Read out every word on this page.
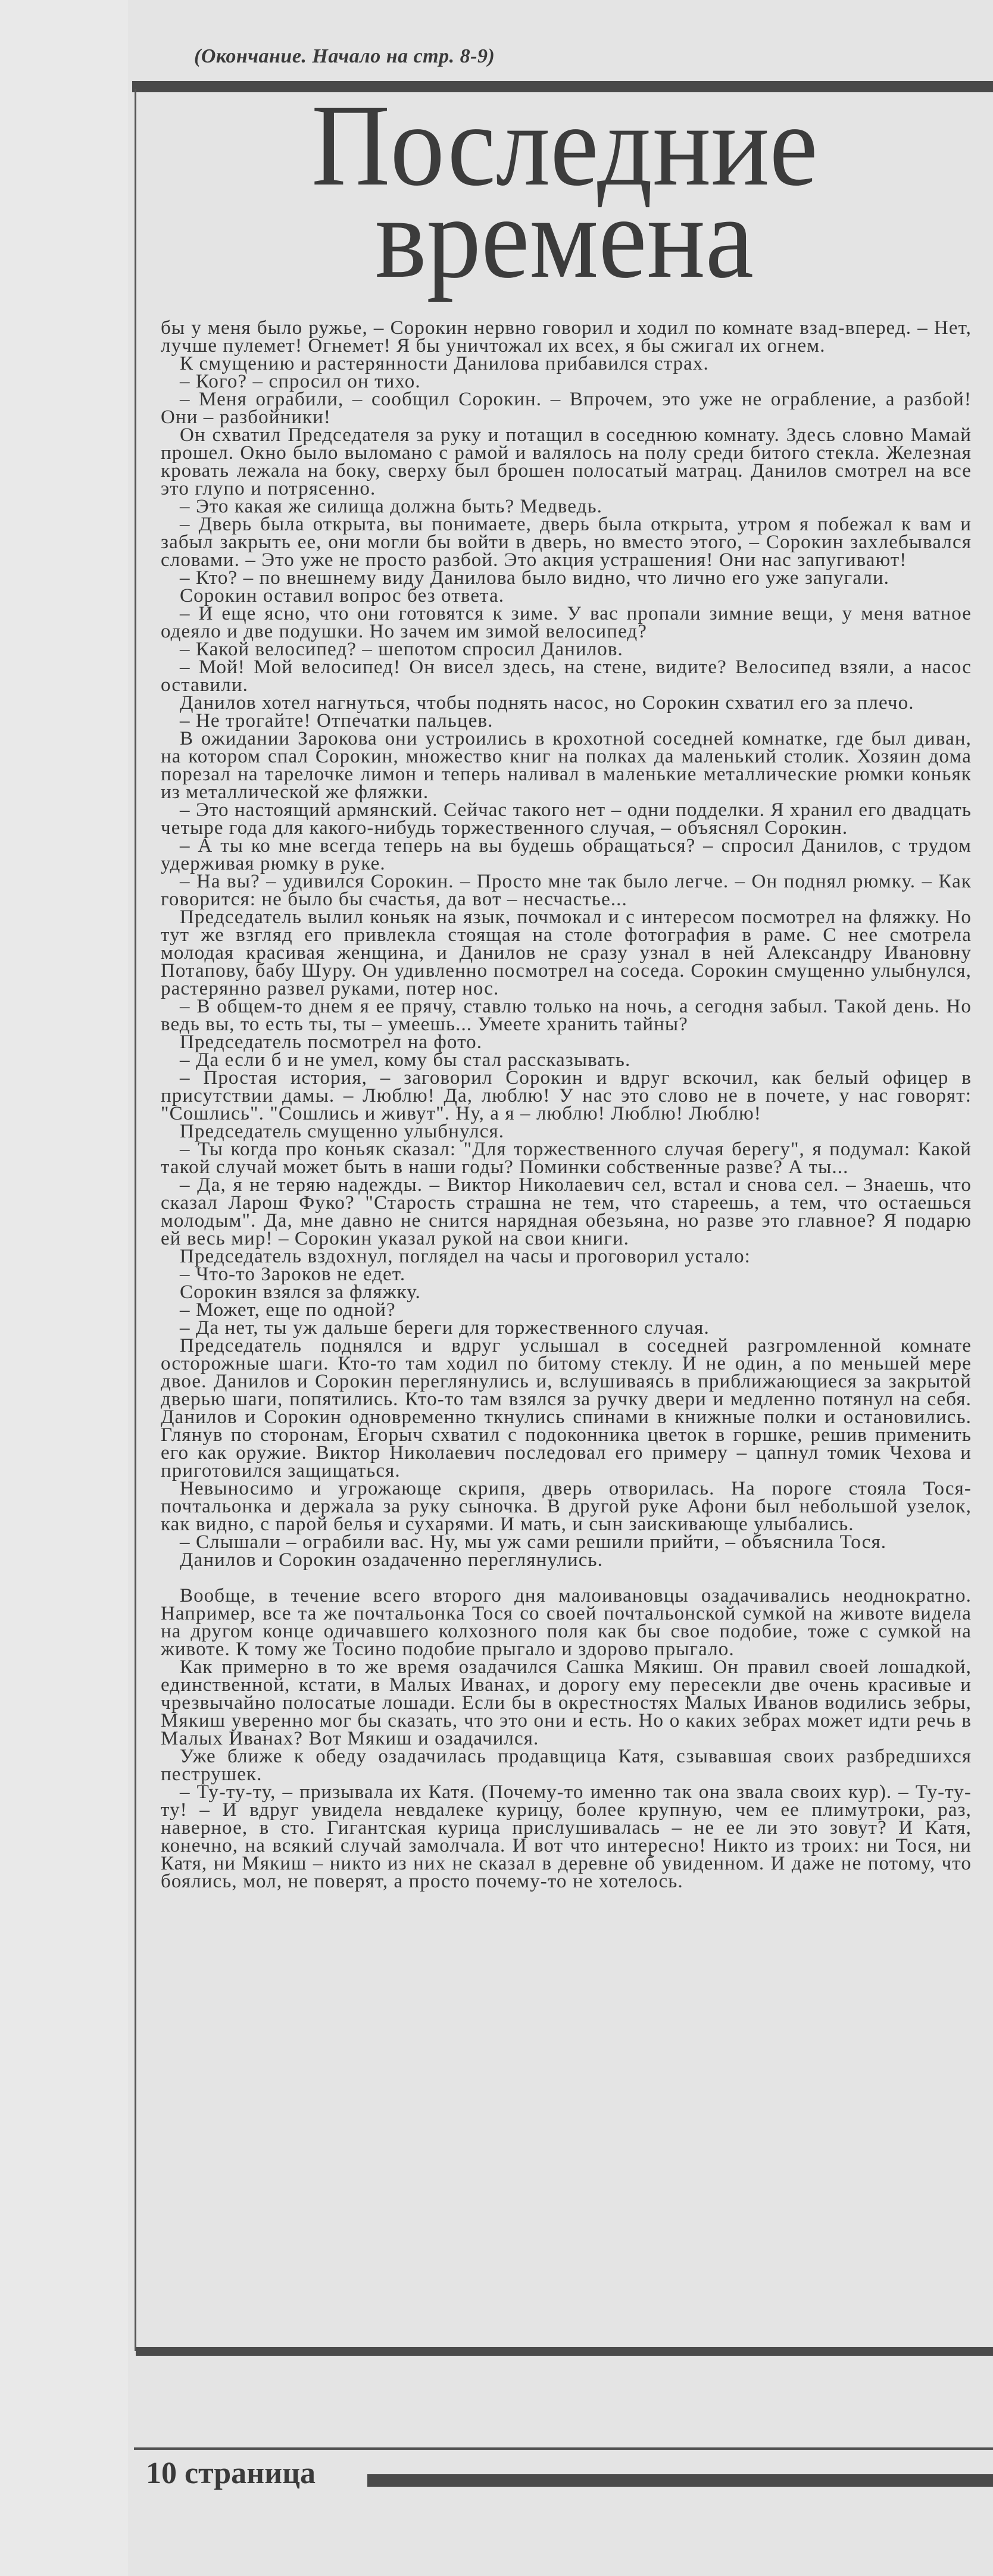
(Окончание. Начало на стр. 8-9)
Последние
времена

бы у меня было ружье, – Сорокин нервно говорил и ходил по комнате взад-вперед. – Нет, лучше пулемет! Огнемет! Я бы уничтожал их всех, я бы сжигал их огнем.

К смущению и растерянности Данилова прибавился страх.

– Кого? – спросил он тихо.

– Меня ограбили, – сообщил Сорокин. – Впрочем, это уже не ограбление, а разбой! Они – разбойники!

Он схватил Председателя за руку и потащил в соседнюю комнату. Здесь словно Мамай прошел. Окно было выломано с рамой и валялось на полу среди битого стекла. Железная кровать лежала на боку, сверху был брошен полосатый матрац. Данилов смотрел на все это глупо и потрясенно.

– Это какая же силища должна быть? Медведь.

– Дверь была открыта, вы понимаете, дверь была открыта, утром я побежал к вам и забыл закрыть ее, они могли бы войти в дверь, но вместо этого, – Сорокин захлебывался словами. – Это уже не просто разбой. Это акция устрашения! Они нас запугивают!

– Кто? – по внешнему виду Данилова было видно, что лично его уже запугали.

Сорокин оставил вопрос без ответа.

– И еще ясно, что они готовятся к зиме. У вас пропали зимние вещи, у меня ватное одеяло и две подушки. Но зачем им зимой велосипед?

– Какой велосипед? – шепотом спросил Данилов.

– Мой! Мой велосипед! Он висел здесь, на стене, видите? Велосипед взяли, а насос оставили.

Данилов хотел нагнуться, чтобы поднять насос, но Сорокин схватил его за плечо.

– Не трогайте! Отпечатки пальцев.

В ожидании Зарокова они устроились в крохотной соседней комнатке, где был диван, на котором спал Сорокин, множество книг на полках да маленький столик. Хозяин дома порезал на тарелочке лимон и теперь наливал в маленькие металлические рюмки коньяк из металлической же фляжки.

– Это настоящий армянский. Сейчас такого нет – одни подделки. Я хранил его двадцать четыре года для какого-нибудь торжественного случая, – объяснял Сорокин.

– А ты ко мне всегда теперь на вы будешь обращаться? – спросил Данилов, с трудом удерживая рюмку в руке.

– На вы? – удивился Сорокин. – Просто мне так было легче. – Он поднял рюмку. – Как говорится: не было бы счастья, да вот – несчастье...

Председатель вылил коньяк на язык, почмокал и с интересом посмотрел на фляжку. Но тут же взгляд его привлекла стоящая на столе фотография в раме. С нее смотрела молодая красивая женщина, и Данилов не сразу узнал в ней Александру Ивановну Потапову, бабу Шуру. Он удивленно посмотрел на соседа. Сорокин смущенно улыбнулся, растерянно развел руками, потер нос.

– В общем-то днем я ее прячу, ставлю только на ночь, а сегодня забыл. Такой день. Но ведь вы, то есть ты, ты – умеешь... Умеете хранить тайны?

Председатель посмотрел на фото.

– Да если б и не умел, кому бы стал рассказывать.

– Простая история, – заговорил Сорокин и вдруг вскочил, как белый офицер в присутствии дамы. – Люблю! Да, люблю! У нас это слово не в почете, у нас говорят: "Сошлись". "Сошлись и живут". Ну, а я – люблю! Люблю! Люблю!

Председатель смущенно улыбнулся.

– Ты когда про коньяк сказал: "Для торжественного случая берегу", я подумал: Какой такой случай может быть в наши годы? Поминки собственные разве? А ты...

– Да, я не теряю надежды. – Виктор Николаевич сел, встал и снова сел. – Знаешь, что сказал Ларош Фуко? "Старость страшна не тем, что стареешь, а тем, что остаешься молодым". Да, мне давно не снится нарядная обезьяна, но разве это главное? Я подарю ей весь мир! – Сорокин указал рукой на свои книги.

Председатель вздохнул, поглядел на часы и проговорил устало:

– Что-то Зароков не едет.

Сорокин взялся за фляжку.

– Может, еще по одной?

– Да нет, ты уж дальше береги для торжественного случая.

Председатель поднялся и вдруг услышал в соседней разгромленной комнате осторожные шаги. Кто-то там ходил по битому стеклу. И не один, а по меньшей мере двое. Данилов и Сорокин переглянулись и, вслушиваясь в приближающиеся за закрытой дверью шаги, попятились. Кто-то там взялся за ручку двери и медленно потянул на себя. Данилов и Сорокин одновременно ткнулись спинами в книжные полки и остановились. Глянув по сторонам, Егорыч схватил с подоконника цветок в горшке, решив применить его как оружие. Виктор Николаевич последовал его примеру – цапнул томик Чехова и приготовился защищаться.

Невыносимо и угрожающе скрипя, дверь отворилась. На пороге стояла Тося-почтальонка и держала за руку сыночка. В другой руке Афони был небольшой узелок, как видно, с парой белья и сухарями. И мать, и сын заискивающе улыбались.

– Слышали – ограбили вас. Ну, мы уж сами решили прийти, – объяснила Тося.

Данилов и Сорокин озадаченно переглянулись.

Вообще, в течение всего второго дня малоивановцы озадачивались неоднократно. Например, все та же почтальонка Тося со своей почтальонской сумкой на животе видела на другом конце одичавшего колхозного поля как бы свое подобие, тоже с сумкой на животе. К тому же Тосино подобие прыгало и здорово прыгало.

Как примерно в то же время озадачился Сашка Мякиш. Он правил своей лошадкой, единственной, кстати, в Малых Иванах, и дорогу ему пересекли две очень красивые и чрезвычайно полосатые лошади. Если бы в окрестностях Малых Иванов водились зебры, Мякиш уверенно мог бы сказать, что это они и есть. Но о каких зебрах может идти речь в Малых Иванах? Вот Мякиш и озадачился.

Уже ближе к обеду озадачилась продавщица Катя, сзывавшая своих разбредшихся пеструшек.

– Ту-ту-ту, – призывала их Катя. (Почему-то именно так она звала своих кур). – Ту-ту-ту! – И вдруг увидела невдалеке курицу, более крупную, чем ее плимутроки, раз, наверное, в сто. Гигантская курица прислушивалась – не ее ли это зовут? И Катя, конечно, на всякий случай замолчала. И вот что интересно! Никто из троих: ни Тося, ни Катя, ни Мякиш – никто из них не сказал в деревне об увиденном. И даже не потому, что боялись, мол, не поверят, а просто почему-то не хотелось.

10 страница
